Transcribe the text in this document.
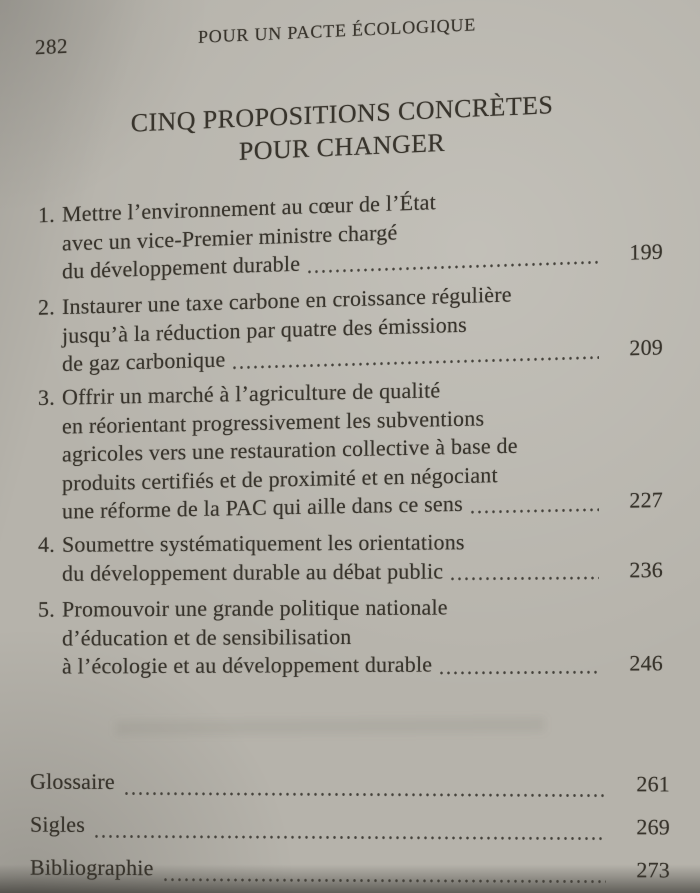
282	POUR UN PACTE ÉCOLOGIQUE
CINQ PROPOSITIONS CONCRÈTES
POUR CHANGER
1. Mettre l’environnement au cœur de l’État
avec un vice-Premier ministre chargé
du développement durable	199
2. Instaurer une taxe carbone en croissance régulière
jusqu’à la réduction par quatre des émissions
de gaz carbonique	209
3. Offrir un marché à l’agriculture de qualité
en réorientant progressivement les subventions
agricoles vers une restauration collective à base de
produits certifiés et de proximité et en négociant
une réforme de la PAC qui aille dans ce sens	227
4. Soumettre systématiquement les orientations
du développement durable au débat public	236
5. Promouvoir une grande politique nationale
d’éducation et de sensibilisation
à l’écologie et au développement durable	246
Glossaire	261
Sigles	269
Bibliographie	273
